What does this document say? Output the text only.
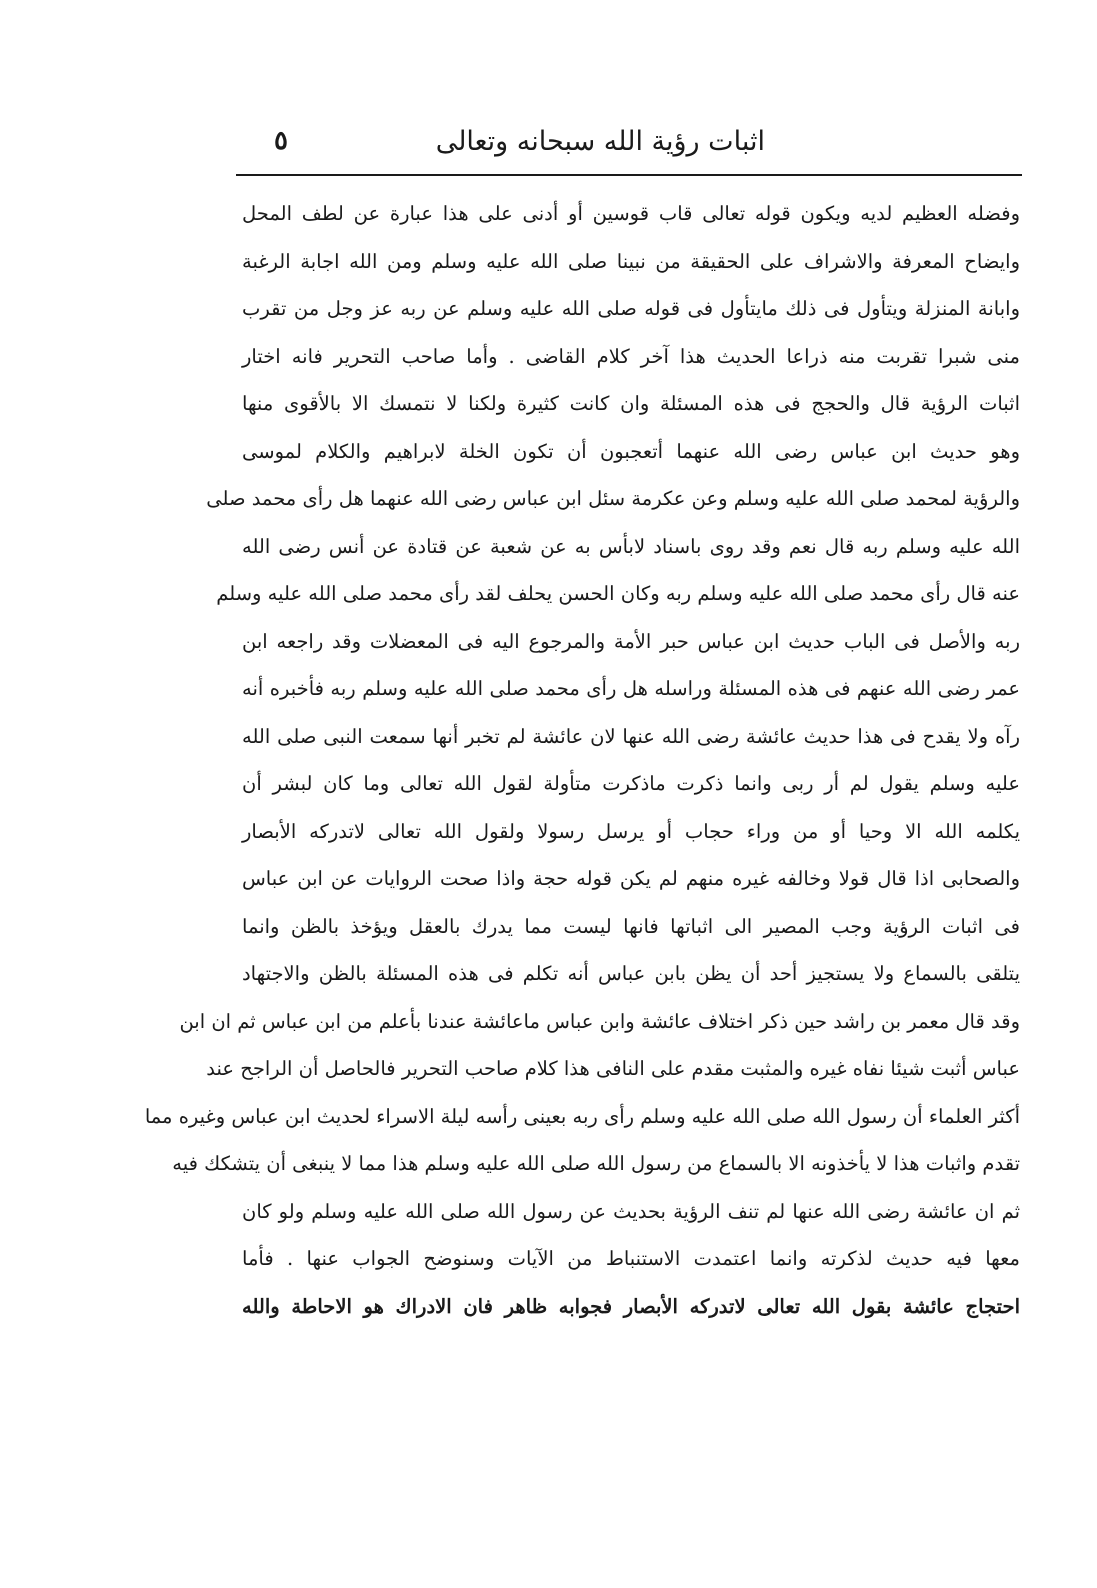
اثبات رؤية الله سبحانه وتعالى
٥
وفضله العظيم لديه ويكون قوله تعالى قاب قوسين أو أدنى على هذا عبارة عن لطف المحل
وايضاح المعرفة والاشراف على الحقيقة من نبينا صلى الله عليه وسلم ومن الله اجابة الرغبة
وابانة المنزلة ويتأول فى ذلك مايتأول فى قوله صلى الله عليه وسلم عن ربه عز وجل من تقرب
منى شبرا تقربت منه ذراعا الحديث هذا آخر كلام القاضى . وأما صاحب التحرير فانه اختار
اثبات الرؤية قال والحجج فى هذه المسئلة وان كانت كثيرة ولكنا لا نتمسك الا بالأقوى منها
وهو حديث ابن عباس رضى الله عنهما أتعجبون أن تكون الخلة لابراهيم والكلام لموسى
والرؤية لمحمد صلى الله عليه وسلم وعن عكرمة سئل ابن عباس رضى الله عنهما هل رأى محمد صلى
الله عليه وسلم ربه قال نعم وقد روى باسناد لابأس به عن شعبة عن قتادة عن أنس رضى الله
عنه قال رأى محمد صلى الله عليه وسلم ربه وكان الحسن يحلف لقد رأى محمد صلى الله عليه وسلم
ربه والأصل فى الباب حديث ابن عباس حبر الأمة والمرجوع اليه فى المعضلات وقد راجعه ابن
عمر رضى الله عنهم فى هذه المسئلة وراسله هل رأى محمد صلى الله عليه وسلم ربه فأخبره أنه
رآه ولا يقدح فى هذا حديث عائشة رضى الله عنها لان عائشة لم تخبر أنها سمعت النبى صلى الله
عليه وسلم يقول لم أر ربى وانما ذكرت ماذكرت متأولة لقول الله تعالى وما كان لبشر أن
يكلمه الله الا وحيا أو من وراء حجاب أو يرسل رسولا ولقول الله تعالى لاتدركه الأبصار
والصحابى اذا قال قولا وخالفه غيره منهم لم يكن قوله حجة واذا صحت الروايات عن ابن عباس
فى اثبات الرؤية وجب المصير الى اثباتها فانها ليست مما يدرك بالعقل ويؤخذ بالظن وانما
يتلقى بالسماع ولا يستجيز أحد أن يظن بابن عباس أنه تكلم فى هذه المسئلة بالظن والاجتهاد
وقد قال معمر بن راشد حين ذكر اختلاف عائشة وابن عباس ماعائشة عندنا بأعلم من ابن عباس ثم ان ابن
عباس أثبت شيئا نفاه غيره والمثبت مقدم على النافى هذا كلام صاحب التحرير فالحاصل أن الراجح عند
أكثر العلماء أن رسول الله صلى الله عليه وسلم رأى ربه بعينى رأسه ليلة الاسراء لحديث ابن عباس وغيره مما
تقدم واثبات هذا لا يأخذونه الا بالسماع من رسول الله صلى الله عليه وسلم هذا مما لا ينبغى أن يتشكك فيه
ثم ان عائشة رضى الله عنها لم تنف الرؤية بحديث عن رسول الله صلى الله عليه وسلم ولو كان
معها فيه حديث لذكرته وانما اعتمدت الاستنباط من الآيات وسنوضح الجواب عنها . فأما
احتجاج عائشة بقول الله تعالى لاتدركه الأبصار فجوابه ظاهر فان الادراك هو الاحاطة والله
